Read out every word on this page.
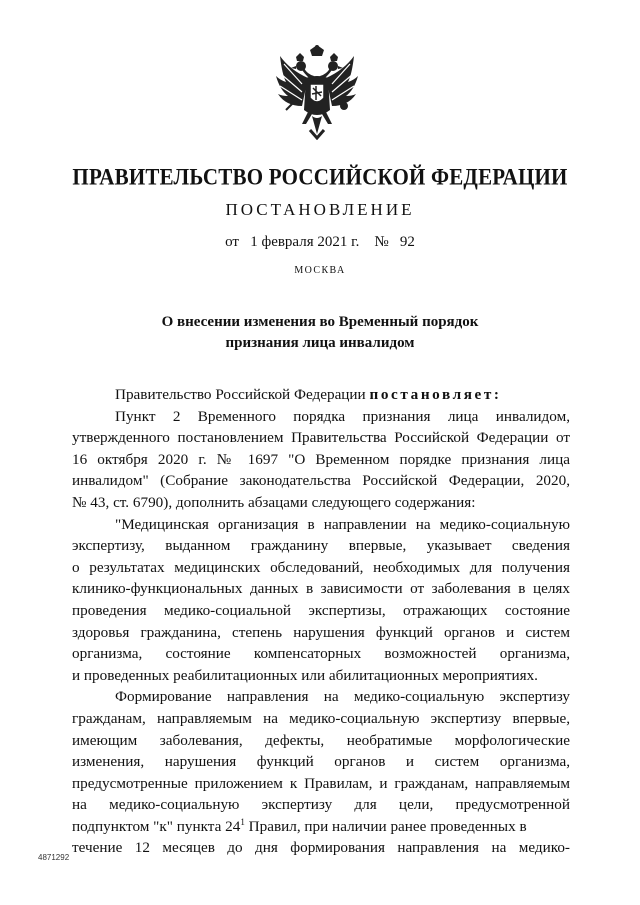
ПРАВИТЕЛЬСТВО РОССИЙСКОЙ ФЕДЕРАЦИИ
ПОСТАНОВЛЕНИЕ
от 1 февраля 2021 г. № 92
МОСКВА
О внесении изменения во Временный порядок
признания лица инвалидом
Правительство Российской Федерации постановляет:
Пункт 2 Временного порядка признания лица инвалидом,
утвержденного постановлением Правительства Российской Федерации от
16 октября 2020 г. № 1697 "О Временном порядке признания лица
инвалидом" (Собрание законодательства Российской Федерации, 2020,
№ 43, ст. 6790), дополнить абзацами следующего содержания:
"Медицинская организация в направлении на медико-социальную
экспертизу, выданном гражданину впервые, указывает сведения
о результатах медицинских обследований, необходимых для получения
клинико-функциональных данных в зависимости от заболевания в целях
проведения медико-социальной экспертизы, отражающих состояние
здоровья гражданина, степень нарушения функций органов и систем
организма, состояние компенсаторных возможностей организма,
и проведенных реабилитационных или абилитационных мероприятиях.
Формирование направления на медико-социальную экспертизу
гражданам, направляемым на медико-социальную экспертизу впервые,
имеющим заболевания, дефекты, необратимые морфологические
изменения, нарушения функций органов и систем организма,
предусмотренные приложением к Правилам, и гражданам, направляемым
на медико-социальную экспертизу для цели, предусмотренной
подпунктом "к" пункта $24^1$ Правил, при наличии ранее проведенных в
течение 12 месяцев до дня формирования направления на медико-
4871292
